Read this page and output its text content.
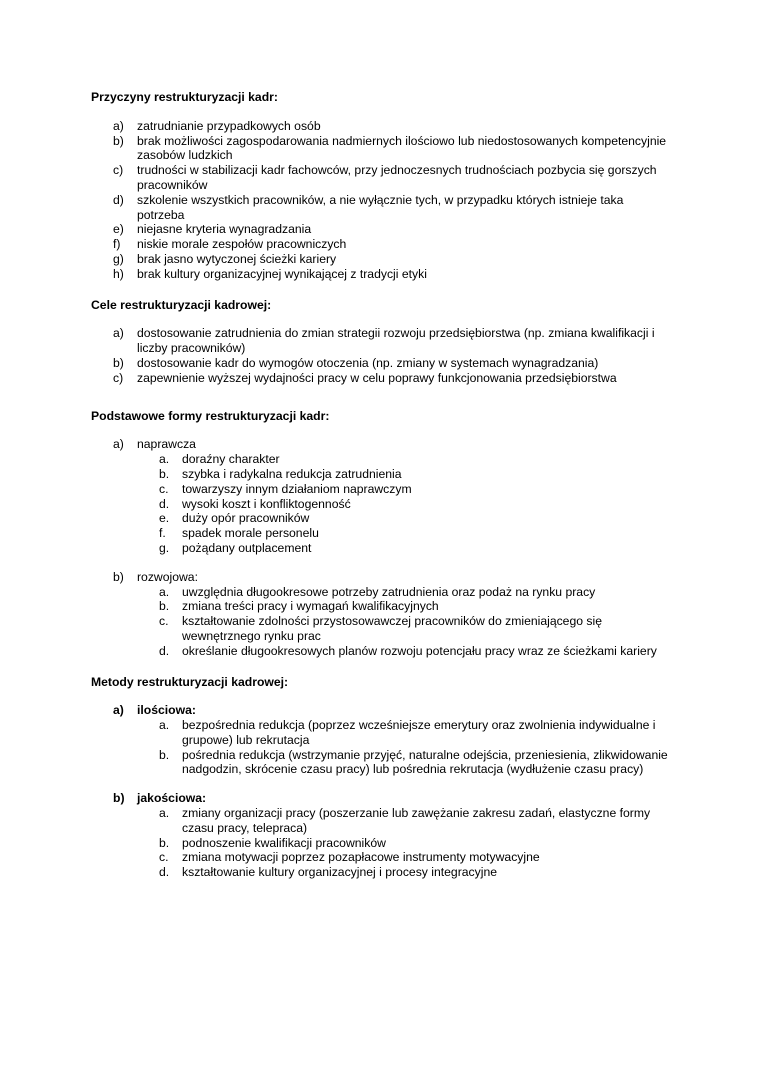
Przyczyny restrukturyzacji kadr:
a) zatrudnianie przypadkowych osób
b) brak możliwości zagospodarowania nadmiernych ilościowo lub niedostosowanych kompetencyjnie zasobów ludzkich
c) trudności w stabilizacji kadr fachowców, przy jednoczesnych trudnościach pozbycia się gorszych pracowników
d) szkolenie wszystkich pracowników, a nie wyłącznie tych, w przypadku których istnieje taka potrzeba
e) niejasne kryteria wynagradzania
f) niskie morale zespołów pracowniczych
g) brak jasno wytyczonej ścieżki kariery
h) brak kultury organizacyjnej wynikającej z tradycji etyki
Cele restrukturyzacji kadrowej:
a) dostosowanie zatrudnienia do zmian strategii rozwoju przedsiębiorstwa (np. zmiana kwalifikacji i liczby pracowników)
b) dostosowanie kadr do wymogów otoczenia (np. zmiany w systemach wynagradzania)
c) zapewnienie wyższej wydajności pracy w celu poprawy funkcjonowania przedsiębiorstwa
Podstawowe formy restrukturyzacji kadr:
a) naprawcza
a. doraźny charakter
b. szybka i radykalna redukcja zatrudnienia
c. towarzyszy innym działaniom naprawczym
d. wysoki koszt i konfliktogenność
e. duży opór pracowników
f. spadek morale personelu
g. pożądany outplacement
b) rozwojowa:
a. uwzględnia długookresowe potrzeby zatrudnienia oraz podaż na rynku pracy
b. zmiana treści pracy i wymagań kwalifikacyjnych
c. kształtowanie zdolności przystosowawczej pracowników do zmieniającego się wewnętrznego rynku prac
d. określanie długookresowych planów rozwoju potencjału pracy wraz ze ścieżkami kariery
Metody restrukturyzacji kadrowej:
a) ilościowa:
a. bezpośrednia redukcja (poprzez wcześniejsze emerytury oraz zwolnienia indywidualne i grupowe) lub rekrutacja
b. pośrednia redukcja (wstrzymanie przyjęć, naturalne odejścia, przeniesienia, zlikwidowanie nadgodzin, skrócenie czasu pracy) lub pośrednia rekrutacja (wydłużenie czasu pracy)
b) jakościowa:
a. zmiany organizacji pracy (poszerzanie lub zawężanie zakresu zadań, elastyczne formy czasu pracy, telepraca)
b. podnoszenie kwalifikacji pracowników
c. zmiana motywacji poprzez pozapłacowe instrumenty motywacyjne
d. kształtowanie kultury organizacyjnej i procesy integracyjne
